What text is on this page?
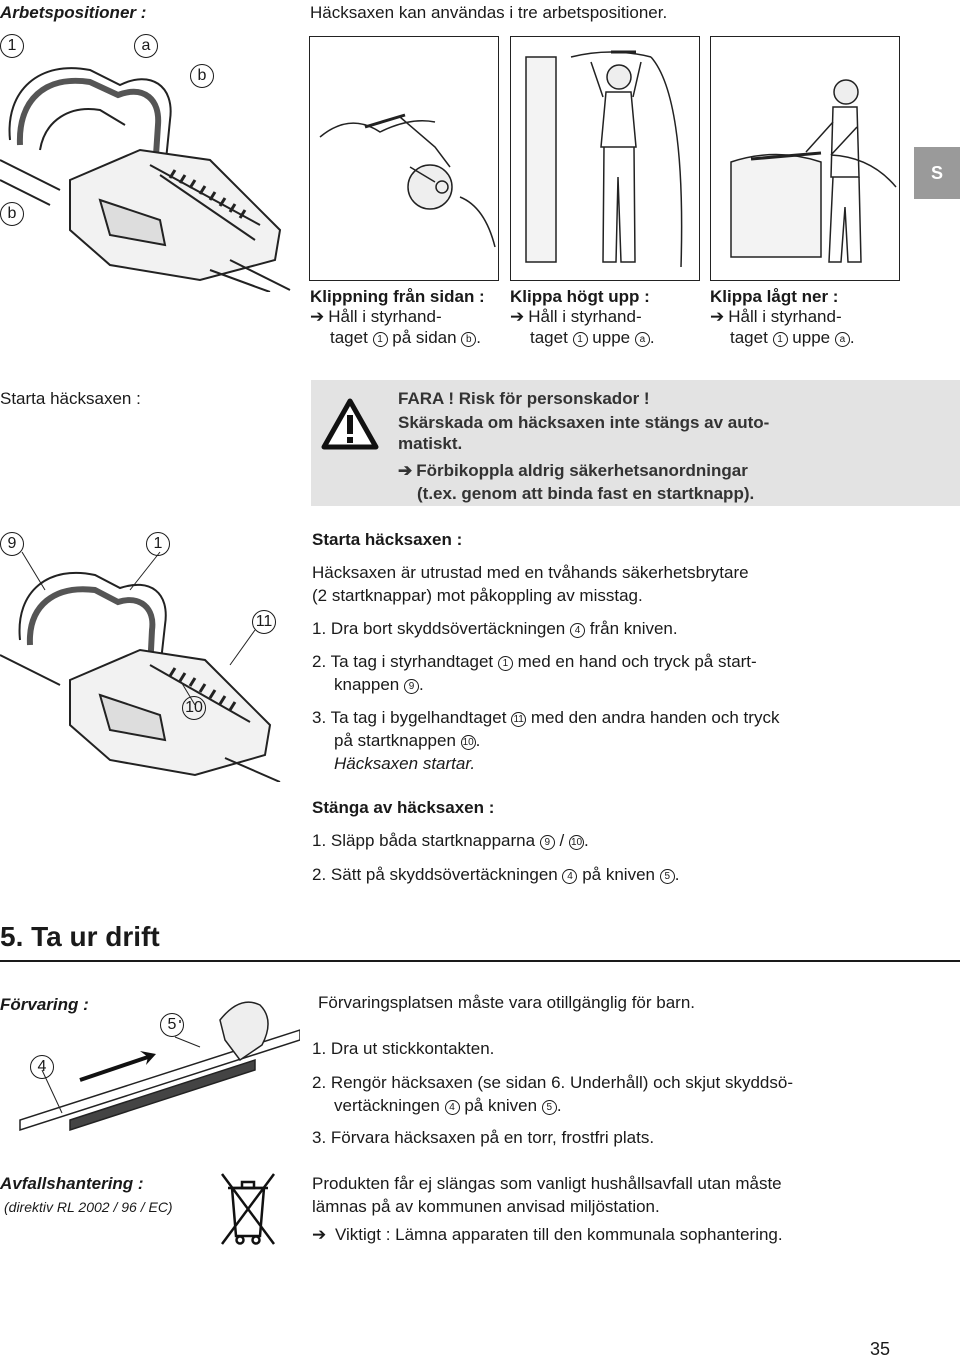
Arbetspositioner :	Häcksaxen kan användas i tre arbetspositioner.
1	a
b
b
Klippning från sidan :
➔ Håll i styrhand-
taget 1 på sidan b .
Klippa högt upp :
➔ Håll i styrhand-
taget 1 uppe a .
Klippa lågt ner :
➔ Håll i styrhand-
taget 1 uppe a .
S
Starta häcksaxen :	FARA ! Risk för personskador !
Skärskada om häcksaxen inte stängs av auto-
matiskt.
➔ Förbikoppla aldrig säkerhetsanordningar
(t.ex. genom att binda fast en startknapp).
9	1
11
10
Starta häcksaxen :
Häcksaxen är utrustad med en tvåhands säkerhetsbrytare
(2 startknappar) mot påkoppling av misstag.
1. Dra bort skyddsövertäckningen 4 från kniven.
2. Ta tag i styrhandtaget 1 med en hand och tryck på start-
knappen 9 .
3. Ta tag i bygelhandtaget 11 med den andra handen och tryck
på startknappen 10 .
Häcksaxen startar.
Stänga av häcksaxen :
1. Släpp båda startknapparna 9 / 10 .
2. Sätt på skyddsövertäckningen 4 på kniven 5 .
5. Ta ur drift
Förvaring :
5
4
Förvaringsplatsen måste vara otillgänglig för barn.
1. Dra ut stickkontakten.
2. Rengör häcksaxen (se sidan 6. Underhåll) och skjut skyddsö-
vertäckningen 4 på kniven 5 .
3. Förvara häcksaxen på en torr, frostfri plats.
Avfallshantering :
(direktiv RL 2002 / 96 / EC)
Produkten får ej slängas som vanligt hushållsavfall utan måste
lämnas på av kommunen anvisad miljöstation.
➔ Viktigt : Lämna apparaten till den kommunala sophantering.
35
